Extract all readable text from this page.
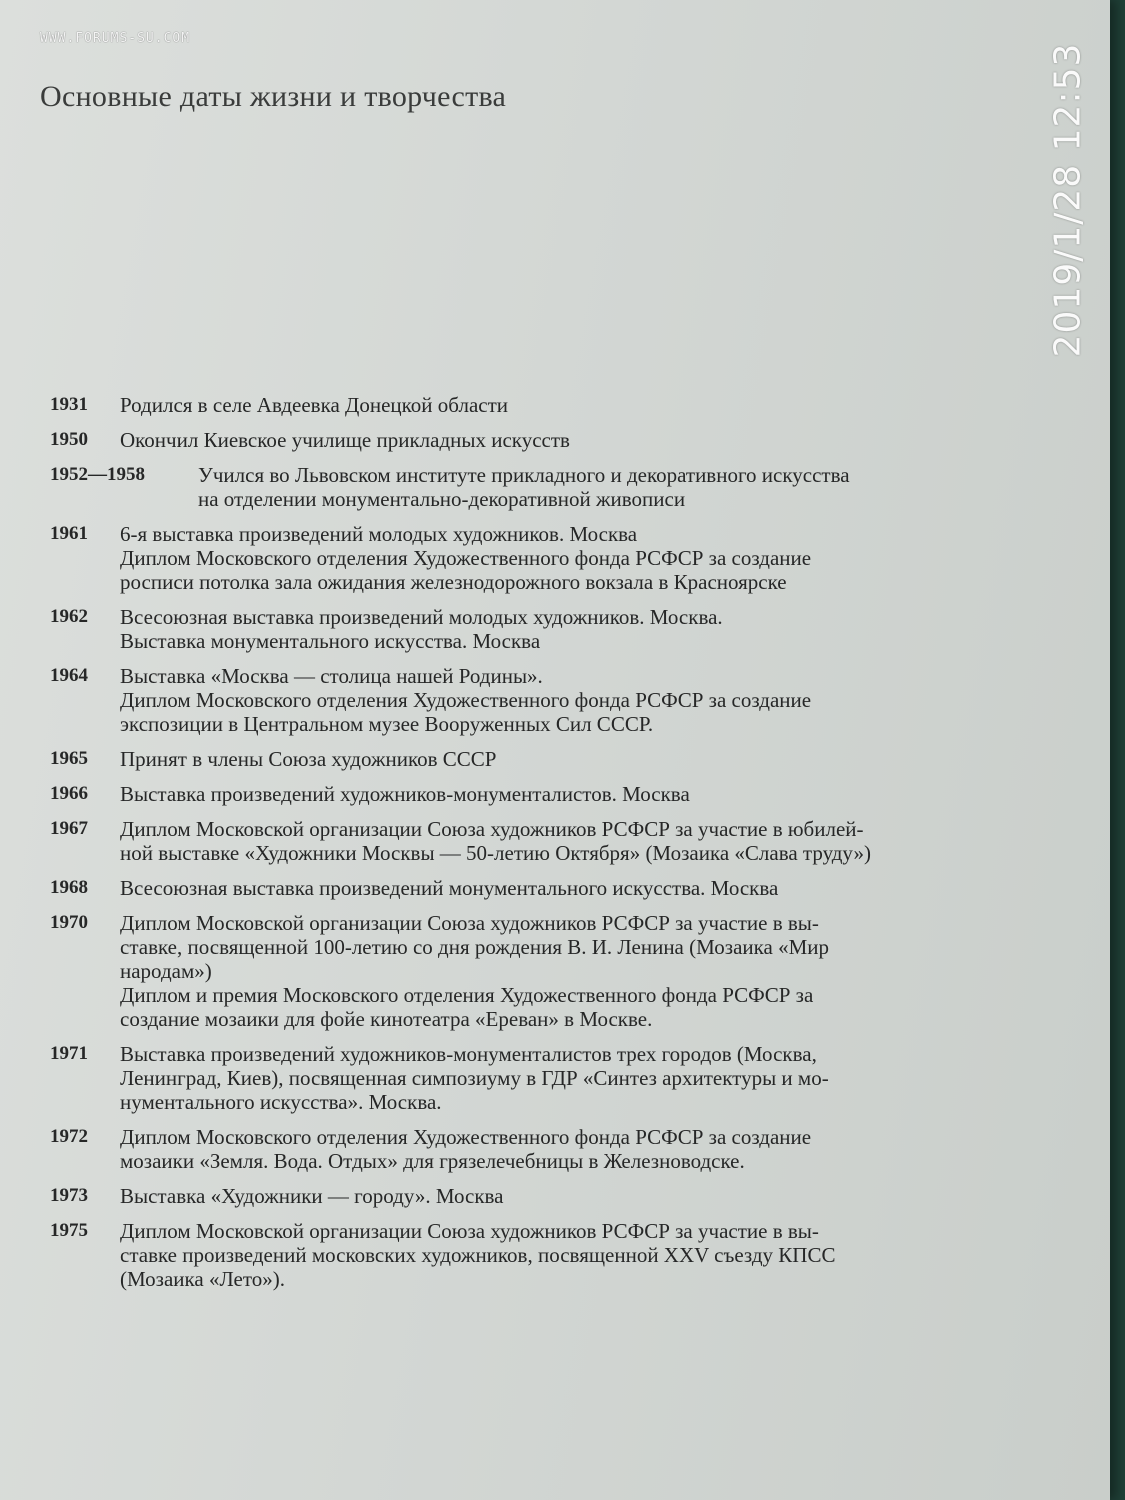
WWW.FORUMS-SU.COM
2019/1/28 12:53
Основные даты жизни и творчества
1931	Родился в селе Авдеевка Донецкой области
1950	Окончил Киевское училище прикладных искусств
1952—1958	Учился во Львовском институте прикладного и декоративного искусства
на отделении монументально-декоративной живописи
1961	6-я выставка произведений молодых художников. Москва
Диплом Московского отделения Художественного фонда РСФСР за создание
росписи потолка зала ожидания железнодорожного вокзала в Красноярске
1962	Всесоюзная выставка произведений молодых художников. Москва.
Выставка монументального искусства. Москва
1964	Выставка «Москва — столица нашей Родины».
Диплом Московского отделения Художественного фонда РСФСР за создание
экспозиции в Центральном музее Вооруженных Сил СССР.
1965	Принят в члены Союза художников СССР
1966	Выставка произведений художников-монументалистов. Москва
1967	Диплом Московской организации Союза художников РСФСР за участие в юбилей-
ной выставке «Художники Москвы — 50-летию Октября» (Мозаика «Слава труду»)
1968	Всесоюзная выставка произведений монументального искусства. Москва
1970	Диплом Московской организации Союза художников РСФСР за участие в вы-
ставке, посвященной 100-летию со дня рождения В. И. Ленина (Мозаика «Мир
народам»)
Диплом и премия Московского отделения Художественного фонда РСФСР за
создание мозаики для фойе кинотеатра «Ереван» в Москве.
1971	Выставка произведений художников-монументалистов трех городов (Москва,
Ленинград, Киев), посвященная симпозиуму в ГДР «Синтез архитектуры и мо-
нументального искусства». Москва.
1972	Диплом Московского отделения Художественного фонда РСФСР за создание
мозаики «Земля. Вода. Отдых» для грязелечебницы в Железноводске.
1973	Выставка «Художники — городу». Москва
1975	Диплом Московской организации Союза художников РСФСР за участие в вы-
ставке произведений московских художников, посвященной XXV съезду КПСС
(Мозаика «Лето»).
